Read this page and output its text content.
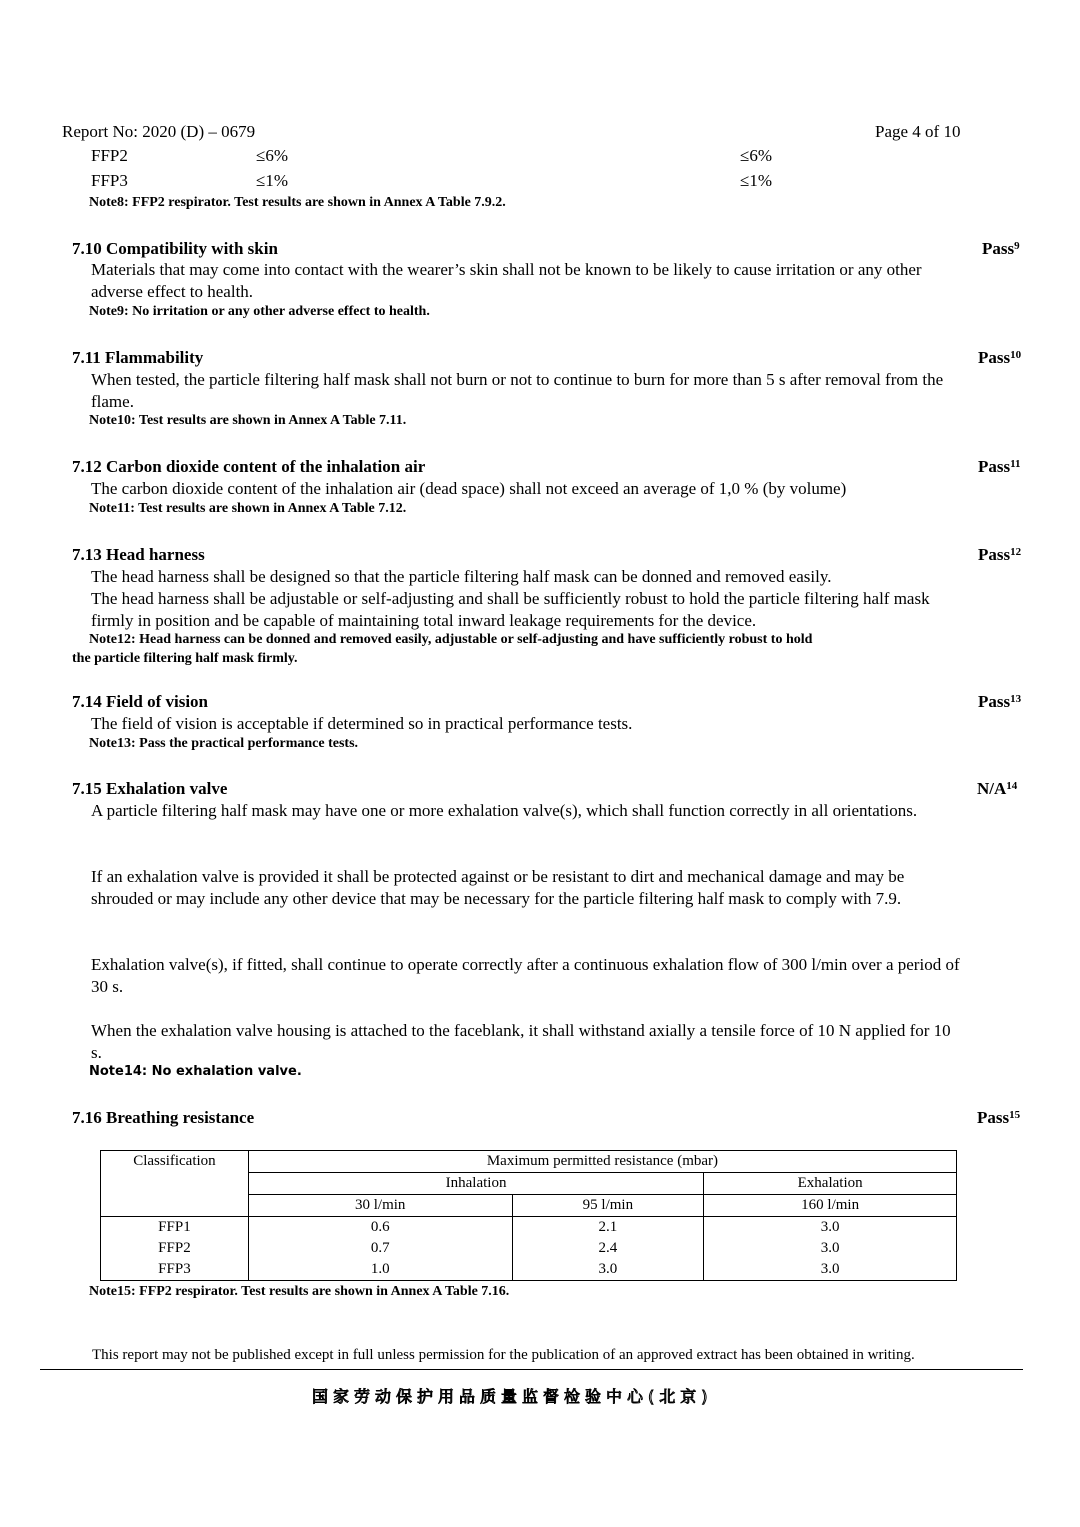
Report No: 2020 (D) – 0679	Page 4 of 10
FFP2	≤6%	≤6%
FFP3	≤1%	≤1%
Note8: FFP2 respirator. Test results are shown in Annex A Table 7.9.2.
7.10 Compatibility with skin	Pass$^9$
Materials that may come into contact with the wearer’s skin shall not be known to be likely to cause irritation or any other adverse effect to health.
Note9: No irritation or any other adverse effect to health.
7.11 Flammability	Pass$^{10}$
When tested, the particle filtering half mask shall not burn or not to continue to burn for more than 5 s after removal from the flame.
Note10: Test results are shown in Annex A Table 7.11.
7.12 Carbon dioxide content of the inhalation air	Pass$^{11}$
The carbon dioxide content of the inhalation air (dead space) shall not exceed an average of 1,0 % (by volume)
Note11: Test results are shown in Annex A Table 7.12.
7.13 Head harness	Pass$^{12}$
The head harness shall be designed so that the particle filtering half mask can be donned and removed easily.
The head harness shall be adjustable or self-adjusting and shall be sufficiently robust to hold the particle filtering half mask firmly in position and be capable of maintaining total inward leakage requirements for the device.
Note12: Head harness can be donned and removed easily, adjustable or self-adjusting and have sufficiently robust to hold
the particle filtering half mask firmly.
7.14 Field of vision	Pass$^{13}$
The field of vision is acceptable if determined so in practical performance tests.
Note13: Pass the practical performance tests.
7.15 Exhalation valve	$N/A^{14}$
A particle filtering half mask may have one or more exhalation valve(s), which shall function correctly in all orientations.
If an exhalation valve is provided it shall be protected against or be resistant to dirt and mechanical damage and may be shrouded or may include any other device that may be necessary for the particle filtering half mask to comply with 7.9.
Exhalation valve(s), if fitted, shall continue to operate correctly after a continuous exhalation flow of 300 l/min over a period of 30 s.
When the exhalation valve housing is attached to the faceblank, it shall withstand axially a tensile force of 10 N applied for 10 s.
Note14: No exhalation valve.
7.16 Breathing resistance	Pass$^{15}$
Classification	Maximum permitted resistance (mbar)		
	Inhalation		Exhalation
	30 l/min	95 l/min	160 l/min
FFP1	0.6	2.1	3.0
FFP2	0.7	2.4	3.0
FFP3	1.0	3.0	3.0
Note15: FFP2 respirator. Test results are shown in Annex A Table 7.16.
This report may not be published except in full unless permission for the publication of an approved extract has been obtained in writing.
国家劳动保护用品质量监督检验中心(北京)
